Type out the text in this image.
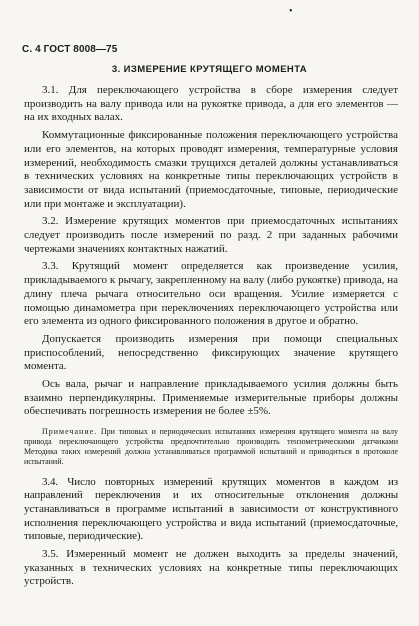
•
С. 4 ГОСТ 8008—75
3. ИЗМЕРЕНИЕ КРУТЯЩЕГО МОМЕНТА

3.1. Для переключающего устройства в сборе измерения следует производить на валу привода или на рукоятке привода, а для его элементов — на их входных валах.

Коммутационные фиксированные положения переключающего устройства или его элементов, на которых проводят измерения, температурные условия измерений, необходимость смазки трущихся деталей должны устанавливаться в технических условиях на конкретные типы переключающих устройств в зависимости от вида испытаний (приемосдаточные, типовые, периодические или при монтаже и эксплуатации).

3.2. Измерение крутящих моментов при приемосдаточных испытаниях следует производить после измерений по разд. 2 при заданных рабочими чертежами значениях контактных нажатий.

3.3. Крутящий момент определяется как произведение усилия, прикладываемого к рычагу, закрепленному на валу (либо рукоятке) привода, на длину плеча рычага относительно оси вращения. Усилие измеряется с помощью динамометра при переключениях переключающего устройства или его элемента из одного фиксированного положения в другое и обратно.

Допускается производить измерения при помощи специальных приспособлений, непосредственно фиксирующих значение крутящего момента.

Ось вала, рычаг и направление прикладываемого усилия должны быть взаимно перпендикулярны. Применяемые измерительные приборы должны обеспечивать погрешность измерения не более ±5%.

Примечание. При типовых и периодических испытаниях измерения крутящего момента на валу привода переключающего устройства предпочтительно производить тензометрическими датчиками Методика таких измерений должна устанавливаться программой испытаний и приводиться в протоколе испытаний.

3.4. Число повторных измерений крутящих моментов в каждом из направлений переключения и их относительные отклонения должны устанавливаться в программе испытаний в зависимости от конструктивного исполнения переключающего устройства и вида испытаний (приемосдаточные, типовые, периодические).

3.5. Измеренный момент не должен выходить за пределы значений, указанных в технических условиях на конкретные типы переключающих устройств.
